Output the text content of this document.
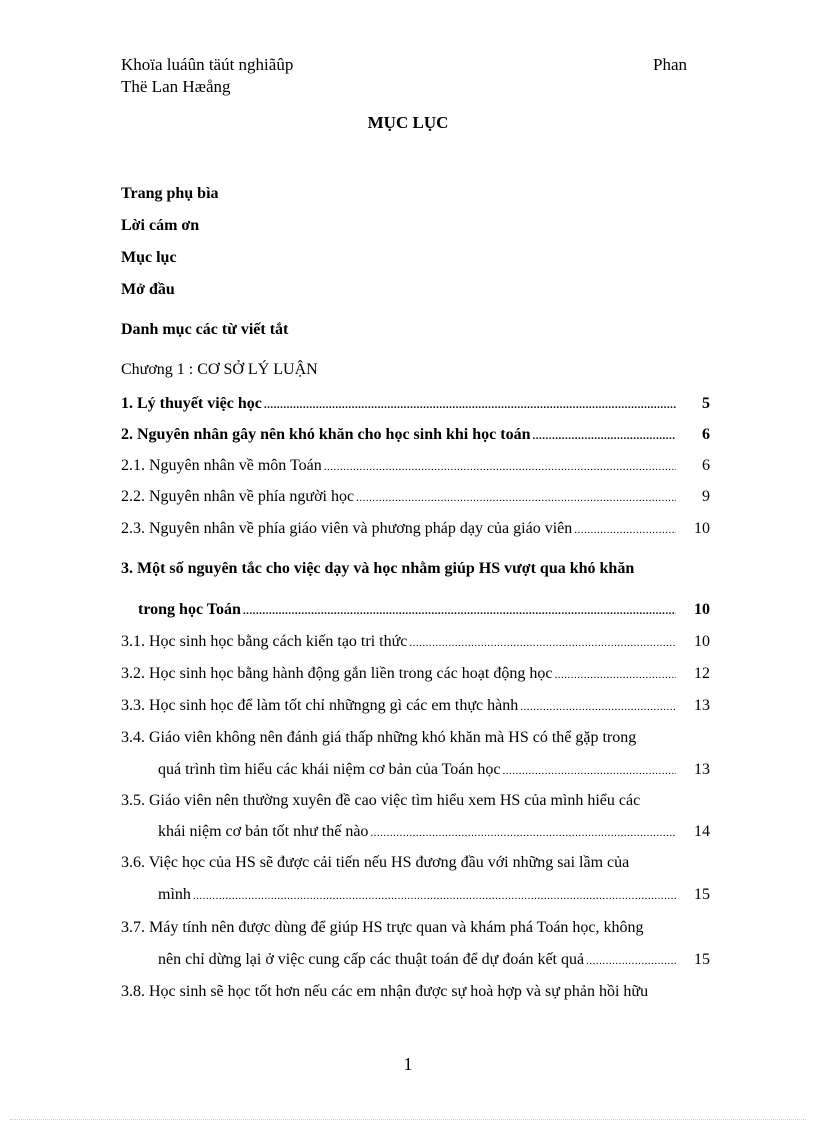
Khoïa luáûn täút nghiãûp	Phan
Thë Lan Hæång
MỤC LỤC
Trang phụ bìa
Lời cám ơn
Mục lục
Mở đầu
Danh mục các từ viết tắt
Chương 1 : CƠ SỞ LÝ LUẬN
1. Lý thuyết việc học .....	5
2. Nguyên nhân gây nên khó khăn cho học sinh khi học toán .....	6
2.1. Nguyên nhân về môn Toán .....	6
2.2. Nguyên nhân về phía người học .....	9
2.3. Nguyên nhân về phía giáo viên và phương pháp dạy của giáo viên .....	10
3. Một số nguyên tắc cho việc dạy và học nhằm giúp HS vượt qua khó khăn
trong học Toán .....	10
3.1. Học sinh học bằng cách kiến tạo tri thức .....	10
3.2. Học sinh học bằng hành động gắn liền trong các hoạt động học .....	12
3.3. Học sinh học để làm tốt chỉ nhữngng gì các em thực hành .....	13
3.4. Giáo viên không nên đánh giá thấp những khó khăn mà HS có thể gặp trong
quá trình tìm hiểu các khái niệm cơ bản của Toán học .....	13
3.5. Giáo viên nên thường xuyên đề cao việc tìm hiểu xem HS của mình hiểu các
khái niệm cơ bản tốt như thế nào .....	14
3.6. Việc học của HS sẽ được cải tiến nếu HS đương đầu với những sai lầm của
mình .....	15
3.7. Máy tính nên được dùng để giúp HS trực quan và khám phá Toán học, không
nên chỉ dừng lại ở việc cung cấp các thuật toán để dự đoán kết quả .....	15
3.8. Học sinh sẽ học tốt hơn nếu các em nhận được sự hoà hợp và sự phản hồi hữu
1
